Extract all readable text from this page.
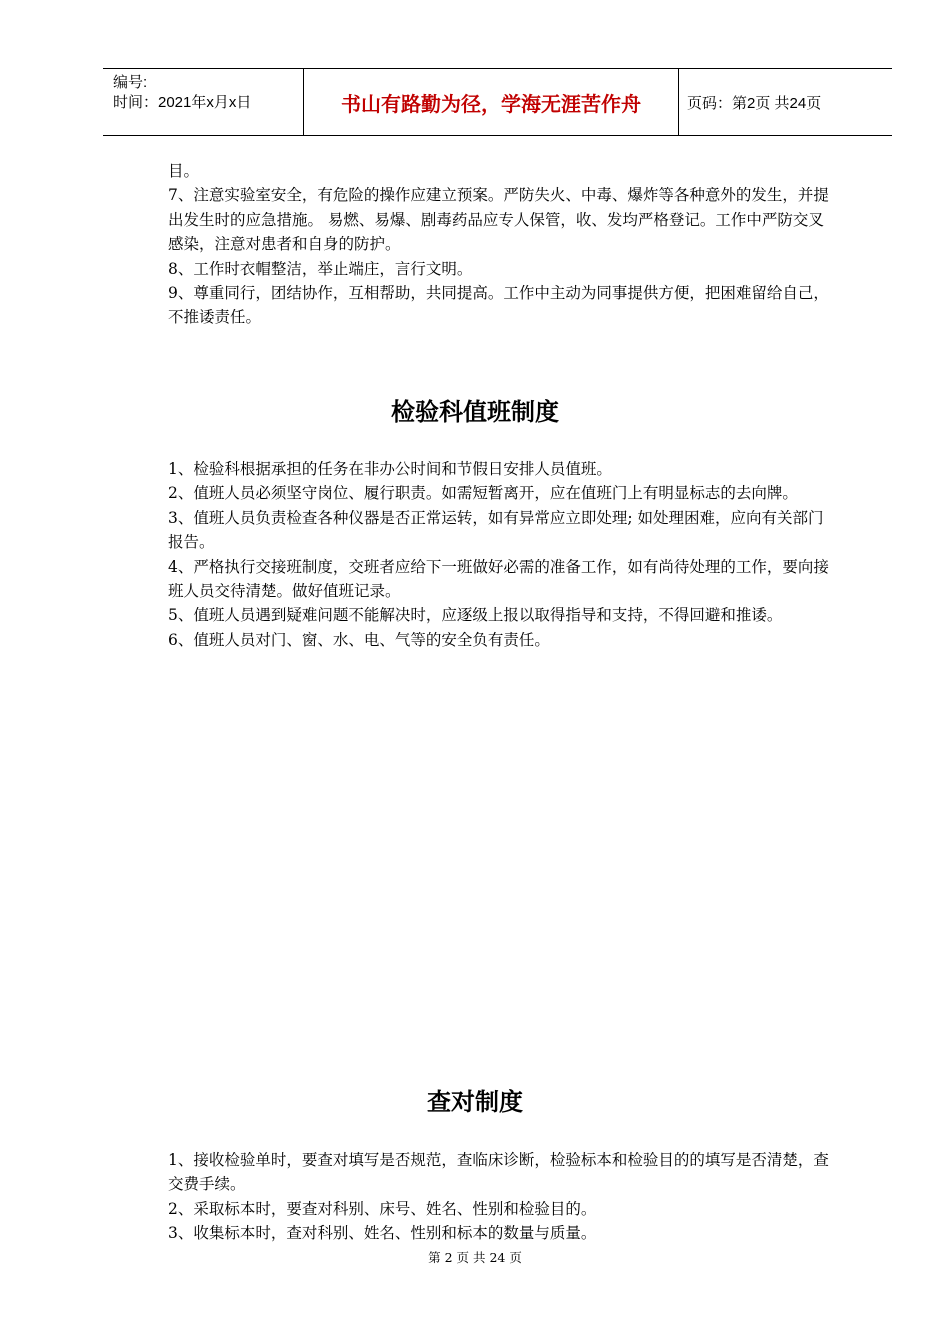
编号:
时间：2021年x月x日	书山有路勤为径，学海无涯苦作舟	页码：第2页 共24页

目。

7、注意实验室安全，有危险的操作应建立预案。严防失火、中毒、爆炸等各种意外的发生，并提出发生时的应急措施。 易燃、易爆、剧毒药品应专人保管，收、发均严格登记。工作中严防交叉感染，注意对患者和自身的防护。

8、工作时衣帽整洁，举止端庄，言行文明。

9、尊重同行，团结协作，互相帮助，共同提高。工作中主动为同事提供方便，把困难留给自己，不推诿责任。

检验科值班制度

1、检验科根据承担的任务在非办公时间和节假日安排人员值班。

2、值班人员必须坚守岗位、履行职责。如需短暂离开，应在值班门上有明显标志的去向牌。

3、值班人员负责检查各种仪器是否正常运转，如有异常应立即处理; 如处理困难，应向有关部门报告。

4、严格执行交接班制度，交班者应给下一班做好必需的准备工作，如有尚待处理的工作，要向接班人员交待清楚。做好值班记录。

5、值班人员遇到疑难问题不能解决时，应逐级上报以取得指导和支持，不得回避和推诿。

6、值班人员对门、窗、水、电、气等的安全负有责任。

查对制度

1、接收检验单时，要查对填写是否规范，查临床诊断，检验标本和检验目的的填写是否清楚，查交费手续。

2、采取标本时，要查对科别、床号、姓名、性别和检验目的。

3、收集标本时，查对科别、姓名、性别和标本的数量与质量。

第 2 页 共 24 页
